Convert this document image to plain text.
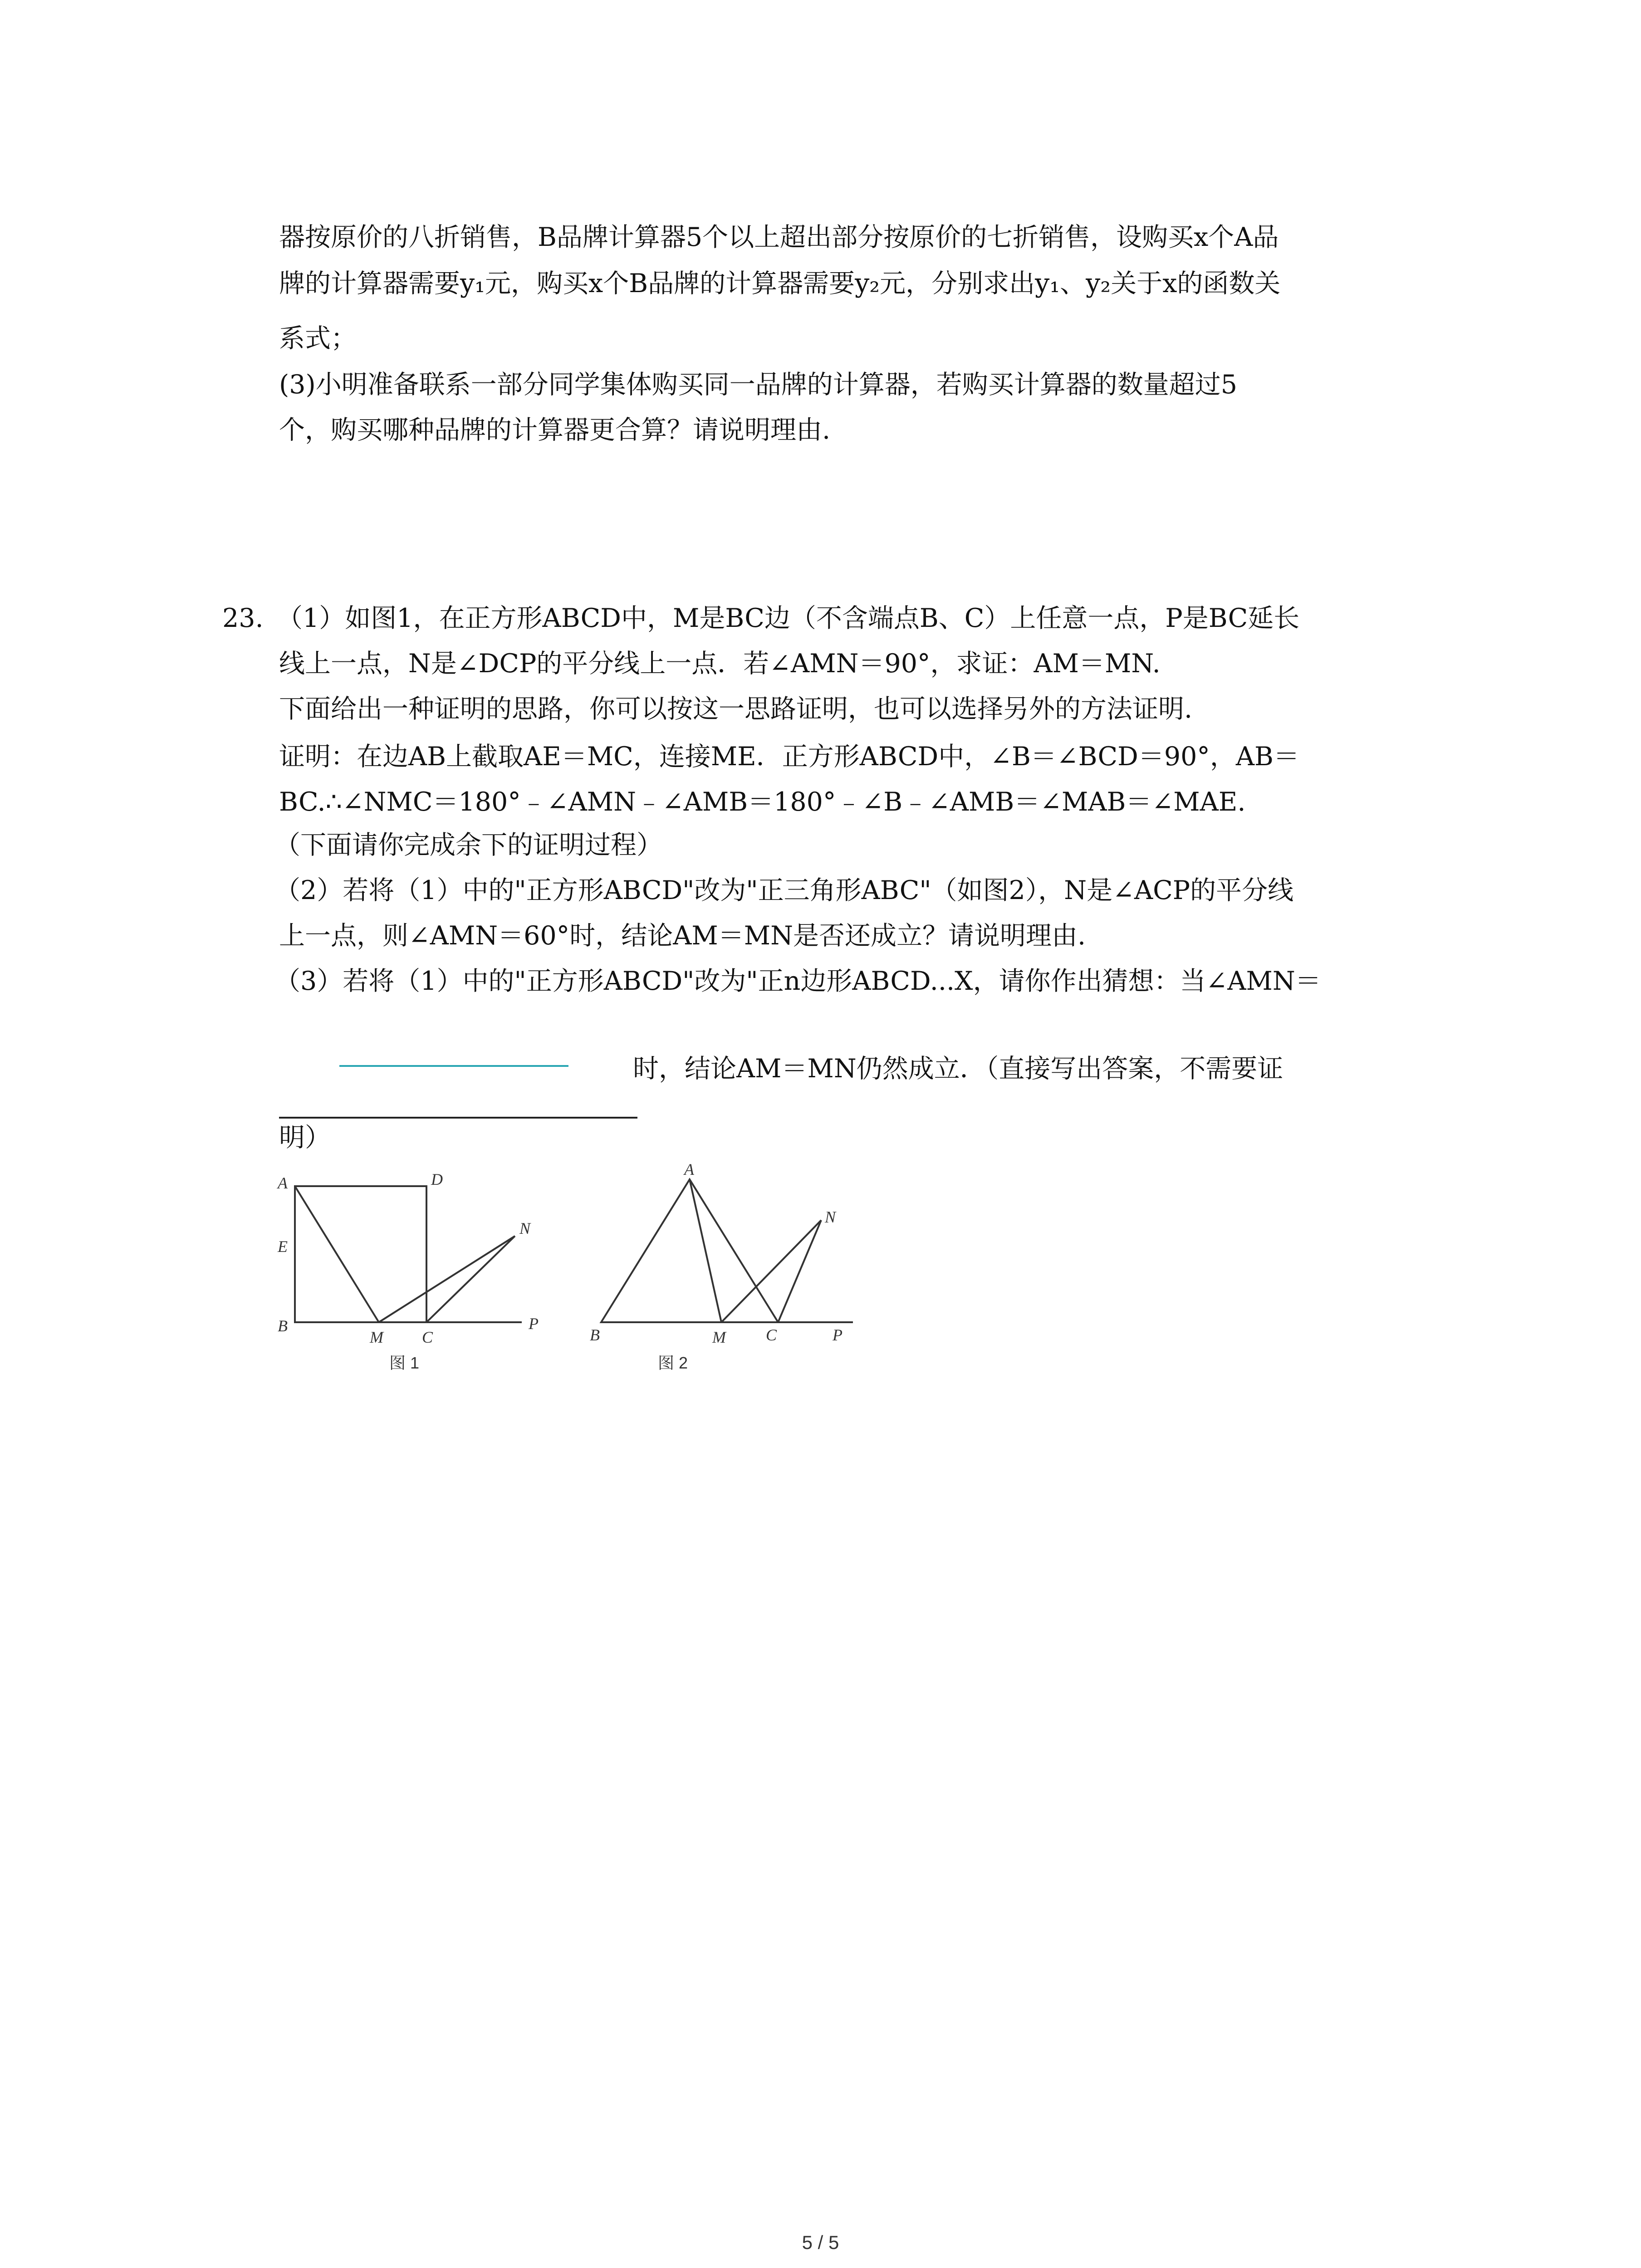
器按原价的八折销售，B品牌计算器5个以上超出部分按原价的七折销售，设购买x个A品
牌的计算器需要y₁元，购买x个B品牌的计算器需要y₂元，分别求出y₁、y₂关于x的函数关
系式；
(3)小明准备联系一部分同学集体购买同一品牌的计算器，若购买计算器的数量超过5
个，购买哪种品牌的计算器更合算？请说明理由.
23. （1）如图1，在正方形ABCD中，M是BC边（不含端点B、C）上任意一点，P是BC延长
线上一点，N是∠DCP的平分线上一点．若∠AMN＝90°，求证：AM＝MN.
下面给出一种证明的思路，你可以按这一思路证明，也可以选择另外的方法证明.
证明：在边AB上截取AE＝MC，连接ME．正方形ABCD中，∠B＝∠BCD＝90°，AB＝
BC.∴∠NMC＝180°﹣∠AMN﹣∠AMB＝180°﹣∠B﹣∠AMB＝∠MAB＝∠MAE.
（下面请你完成余下的证明过程）
（2）若将（1）中的"正方形ABCD"改为"正三角形ABC"（如图2），N是∠ACP的平分线
上一点，则∠AMN＝60°时，结论AM＝MN是否还成立？请说明理由.
（3）若将（1）中的"正方形ABCD"改为"正n边形ABCD...X，请你作出猜想：当∠AMN＝
时，结论AM＝MN仍然成立．（直接写出答案，不需要证
明）
A	D
E
N
B
M C
P
图 1
A
N
B	M C	P
图 2
5 / 5
